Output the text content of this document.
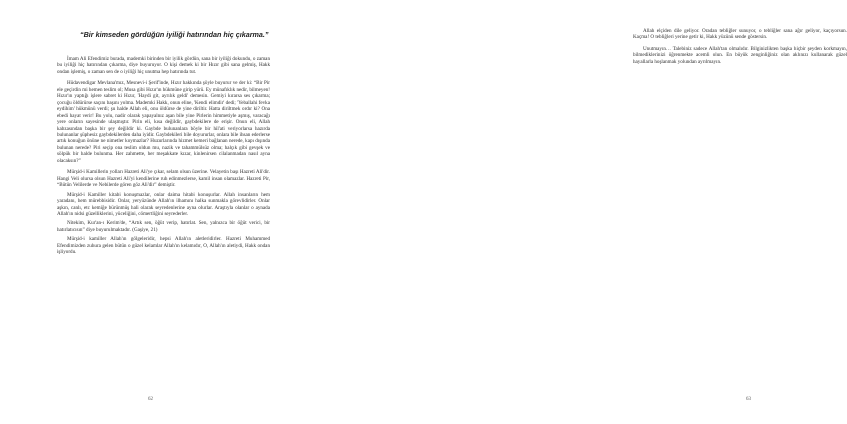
“Bir kimseden gördüğün iyiliği hatırından hiç çıkarma.”

İmam Ali Efendimiz burada, mademki birinden bir iyilik gördün, sana bir iyiliği dokundu, o zaman bu iyiliği hiç hatırından çıkarma, diye buyuruyor. O kişi demek ki bir Hızır gibi sana gelmiş, Hakk ondan işlemiş, o zaman sen de o iyiliği hiç unutma hep hatırında tut.

Hüdavendigar Mevlana'mız, Mesnevi-i Şerif'inde, Hızır hakkında şöyle buyurur ve der ki: “Bir Pir ele geçirdin mi hemen teslim ol; Musa gibi Hızır'ın hükmüne girip yürü. Ey münafıklık nedir, bilmeyen! Hızır'ın yaptığı işlere sabret ki Hızır, 'Haydi git, ayrılık geldi' demesin. Gemiyi kırarsa ses çıkarma; çocuğu öldürürse saçını başını yolma. Mademki Hakk, onun eline, 'Kendi elimdir' dedi; 'Yeballahi fevka eydihim' hükmünü verdi; şu halde Allah eli, onu öldürse de yine diriltir. Hatta diriltmek ordır ki? Ona ebedi hayat verir! Bu yolu, nadir olarak yapayalnız aşan bile yine Pirlerin himmetiyle aşmış, varacağı yere onların sayesinde ulaşmıştır. Pirin eli, kısa değildir, gaybdekilere de erişir. Onun eli, Allah kabzasından başka bir şey değildir ki. Gaybde bulunanlara böyle bir hil'ati veriyorlarsa hazırda bulunanlar şüphesiz gaybdekilerden daha iyidir. Gaybdekileri bile doyururlar, onlara bile ihsan ederlerse artık konuğun önüne ne nimetler koymazlar? Huzurlarında hizmet kemeri bağlanan nerede, kapı dışında bulunan nerede? Piri seçip ona teslim oldun mu, nazik ve tahammülsüz olma; halçık gibi gevşek ve sölpük bir halde bulunma. Her zahmette, her meşakkate kızar, kinlenirsen cilalanmadan nasıl ayna olacaksın?”

Mürşid-i Kamillerin yolları Hazreti Ali'ye çıkar, selam olsun üzerine. Velayetin başı Hazreti Ali'dir. Hangi Veli olursa olsun Hazreti Ali'yi kendilerine ruh edinmezlerse, kamil insan olamazlar. Hazreti Pir, “Bütün Velilerde ve Nebilerde gören göz Ali'dir” demiştir.

Mürşid-i Kamiller kitabi konuşmazlar, onlar daima hitabi konuşurlar. Allah insanların hem yaradanı, hem mürebbisidir. Onlar, yeryüzünde Allah'ın ilhamını halka sunmakla görevlidirler. Onlar aşkın, canlı, etc kemiğe bürünmüş hali olarak seyredenlerine ayna olurlar. Araştıyla olanlar o aynada Allah'ın nidsi güzelliklerini, yüceliğini, cömertliğini seyrederler.

Nitekim, Kur'an-ı Kerim'de, “Artık sen, öğüt verip, hatırlat. Sen, yalnızca bir öğüt verici, bir hatırlatıcısın” diye buyurulmaktadır. (Gaşiye, 21)

Mürşid-i kamiller Allah'ın gölgeleridir, hepsi Allah'ın aletleridirler. Hazreti Muhammed Efendimizden zuhura gelen bütün o güzel kelamlar Allah'ın kelamıdır, O, Allah'ın aletiydi, Hakk ondan işliyordu.

62

Allah elçiden dile geliyor. Oradan tebliğler sunuyor, o tebliğler sana ağır geliyor, kaçıyorsun. Kaçma! O tebliğleri yerine getir ki, Hakk yüzünü sende göstersin.

Unutmayın… Talebiniz sadece Allah'tan olmalıdır. Bilginizlikten başka hiçbir şeyden korkmayın, bilmediklerinizi öğrenmekte acemli olun. En büyük zenginliğiniz olan aklınızı kullanarak güzel hayallarla hoşlanmak yolundan ayrılmayın.

63
